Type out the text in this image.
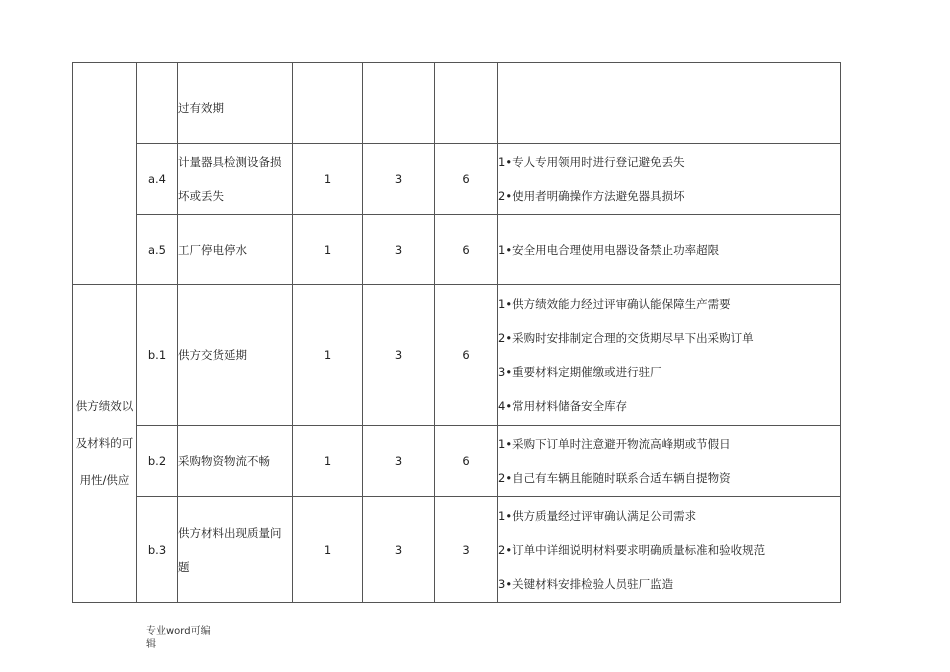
		过有效期				
	a.4	计量器具检测设备损坏或丢失	1	3	6	1•专人专用领用时进行登记避免丢失
2•使用者明确操作方法避免器具损坏

	a.5	工厂停电停水	1	3	6	1•安全用电合理使用电器设备禁止功率超限

供方绩效以及材料的可用性/供应	b.1	供方交货延期	1	3	6	1•供方绩效能力经过评审确认能保障生产需要
2•采购时安排制定合理的交货期尽早下出采购订单
3•重要材料定期催缴或进行驻厂
4•常用材料储备安全库存

	b.2	采购物资物流不畅	1	3	6	1•采购下订单时注意避开物流高峰期或节假日
2•自己有车辆且能随时联系合适车辆自提物资

	b.3	供方材料出现质量问题	1	3	3	1•供方质量经过评审确认满足公司需求
2•订单中详细说明材料要求明确质量标准和验收规范
3•关键材料安排检验人员驻厂监造
专业word可编
辑
